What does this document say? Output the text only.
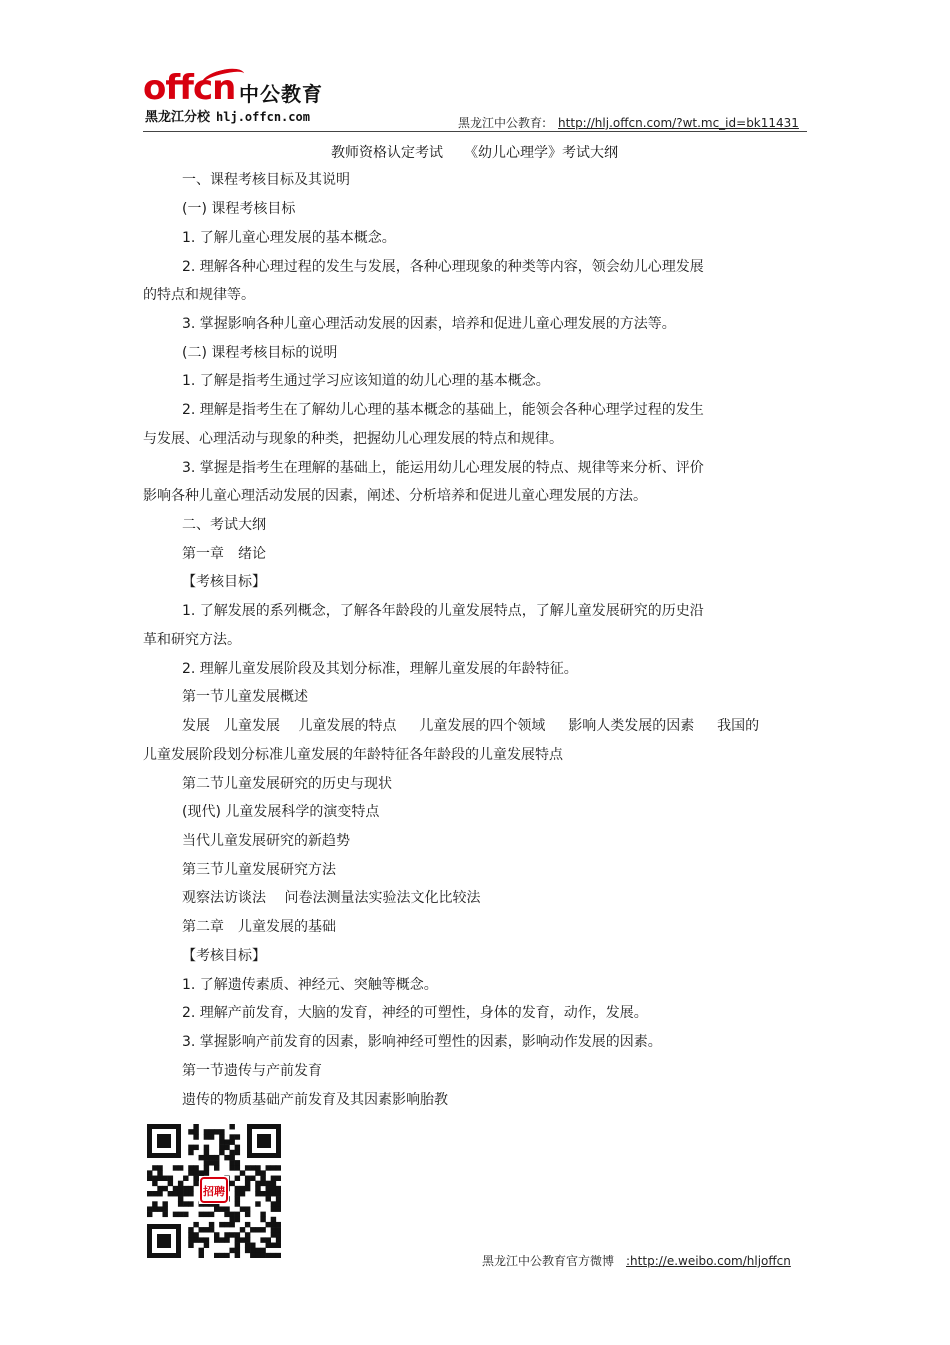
offcn 中公教育
黑龙江分校 hlj.offcn.com	黑龙江中公教育: http://hlj.offcn.com/?wt.mc_id=bk11431
教师资格认定考试　　《幼儿心理学》考试大纲
一、课程考核目标及其说明
(一) 课程考核目标
1. 了解儿童心理发展的基本概念。
2. 理解各种心理过程的发生与发展，各种心理现象的种类等内容，领会幼儿心理发展
的特点和规律等。
3. 掌握影响各种儿童心理活动发展的因素，培养和促进儿童心理发展的方法等。
(二) 课程考核目标的说明
1. 了解是指考生通过学习应该知道的幼儿心理的基本概念。
2. 理解是指考生在了解幼儿心理的基本概念的基础上，能领会各种心理学过程的发生
与发展、心理活动与现象的种类，把握幼儿心理发展的特点和规律。
3. 掌握是指考生在理解的基础上，能运用幼儿心理发展的特点、规律等来分析、评价
影响各种儿童心理活动发展的因素，阐述、分析培养和促进儿童心理发展的方法。
二、考试大纲
第一章　绪论
【考核目标】
1. 了解发展的系列概念，了解各年龄段的儿童发展特点，了解儿童发展研究的历史沿
革和研究方法。
2. 理解儿童发展阶段及其划分标准，理解儿童发展的年龄特征。
第一节儿童发展概述
发展　儿童发展　 儿童发展的特点　  儿童发展的四个领域　  影响人类发展的因素　  我国的
儿童发展阶段划分标准儿童发展的年龄特征各年龄段的儿童发展特点
第二节儿童发展研究的历史与现状
(现代) 儿童发展科学的演变特点
当代儿童发展研究的新趋势
第三节儿童发展研究方法
观察法访谈法　 问卷法测量法实验法文化比较法
第二章　儿童发展的基础
【考核目标】
1. 了解遗传素质、神经元、突触等概念。
2. 理解产前发育，大脑的发育，神经的可塑性，身体的发育，动作，发展。
3. 掌握影响产前发育的因素，影响神经可塑性的因素，影响动作发展的因素。
第一节遗传与产前发育
遗传的物质基础产前发育及其因素影响胎教
招聘
黑龙江中公教育官方微博 :http://e.weibo.com/hljoffcn
